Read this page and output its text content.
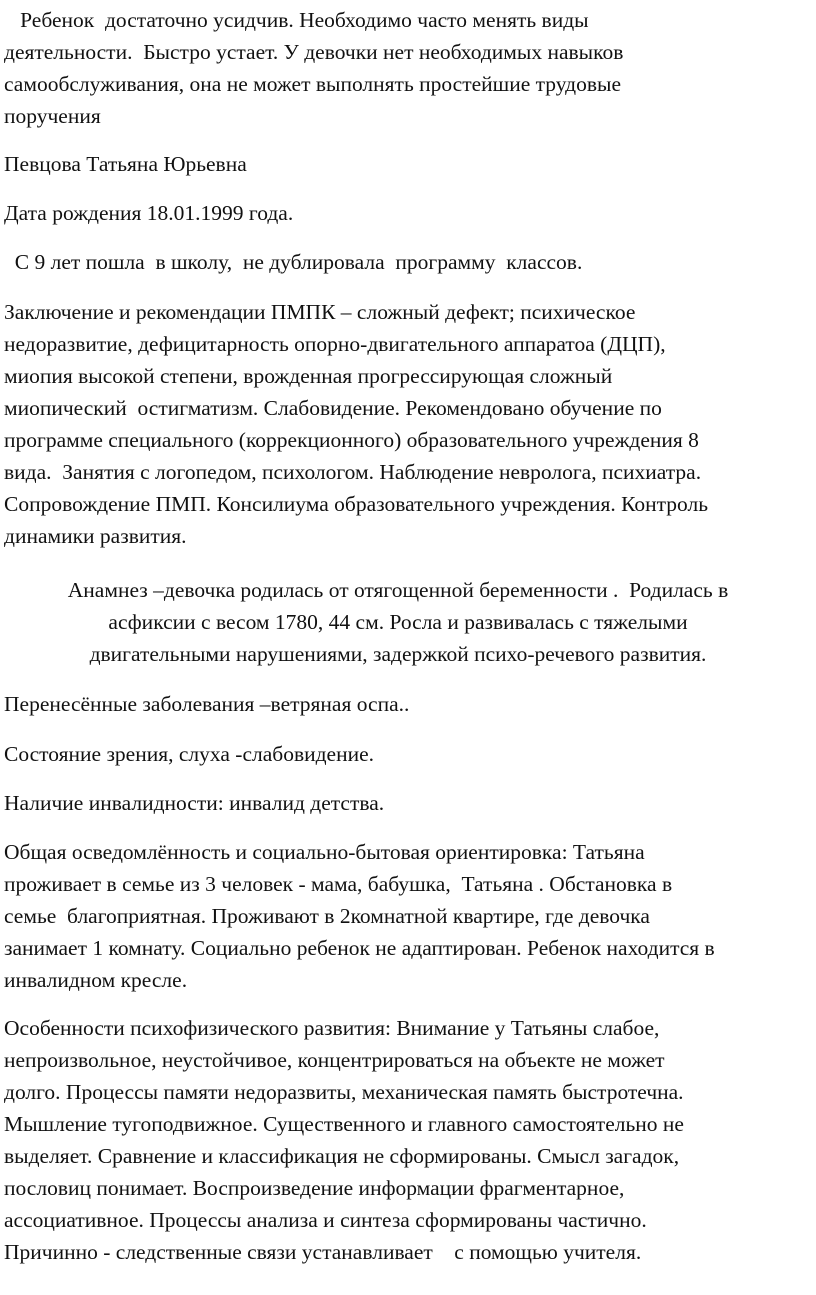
Ребенок  достаточно усидчив. Необходимо часто менять виды
деятельности.  Быстро устает. У девочки нет необходимых навыков
самообслуживания, она не может выполнять простейшие трудовые
поручения
Певцова Татьяна Юрьевна
Дата рождения 18.01.1999 года.
С 9 лет пошла  в школу,  не дублировала  программу  классов.
Заключение и рекомендации ПМПК – сложный дефект; психическое
недоразвитие, дефицитарность опорно-двигательного аппаратоа (ДЦП),
миопия высокой степени, врожденная прогрессирующая сложный
миопический  остигматизм. Слабовидение. Рекомендовано обучение по
программе специального (коррекционного) образовательного учреждения 8
вида.  Занятия с логопедом, психологом. Наблюдение невролога, психиатра.
Сопровождение ПМП. Консилиума образовательного учреждения. Контроль
динамики развития.
Анамнез –девочка родилась от отягощенной беременности .  Родилась в
асфиксии с весом 1780, 44 см. Росла и развивалась с тяжелыми
двигательными нарушениями, задержкой психо-речевого развития.
Перенесённые заболевания –ветряная оспа..
Состояние зрения, слуха -слабовидение.
Наличие инвалидности: инвалид детства.
Общая осведомлённость и социально-бытовая ориентировка: Татьяна
проживает в семье из 3 человек - мама, бабушка,  Татьяна . Обстановка в
семье  благоприятная. Проживают в 2комнатной квартире, где девочка
занимает 1 комнату. Социально ребенок не адаптирован. Ребенок находится в
инвалидном кресле.
Особенности психофизического развития: Внимание у Татьяны слабое,
непроизвольное, неустойчивое, концентрироваться на объекте не может
долго. Процессы памяти недоразвиты, механическая память быстротечна.
Мышление тугоподвижное. Существенного и главного самостоятельно не
выделяет. Сравнение и классификация не сформированы. Смысл загадок,
пословиц понимает. Воспроизведение информации фрагментарное,
ассоциативное. Процессы анализа и синтеза сформированы частично.
Причинно - следственные связи устанавливает    с помощью учителя.
